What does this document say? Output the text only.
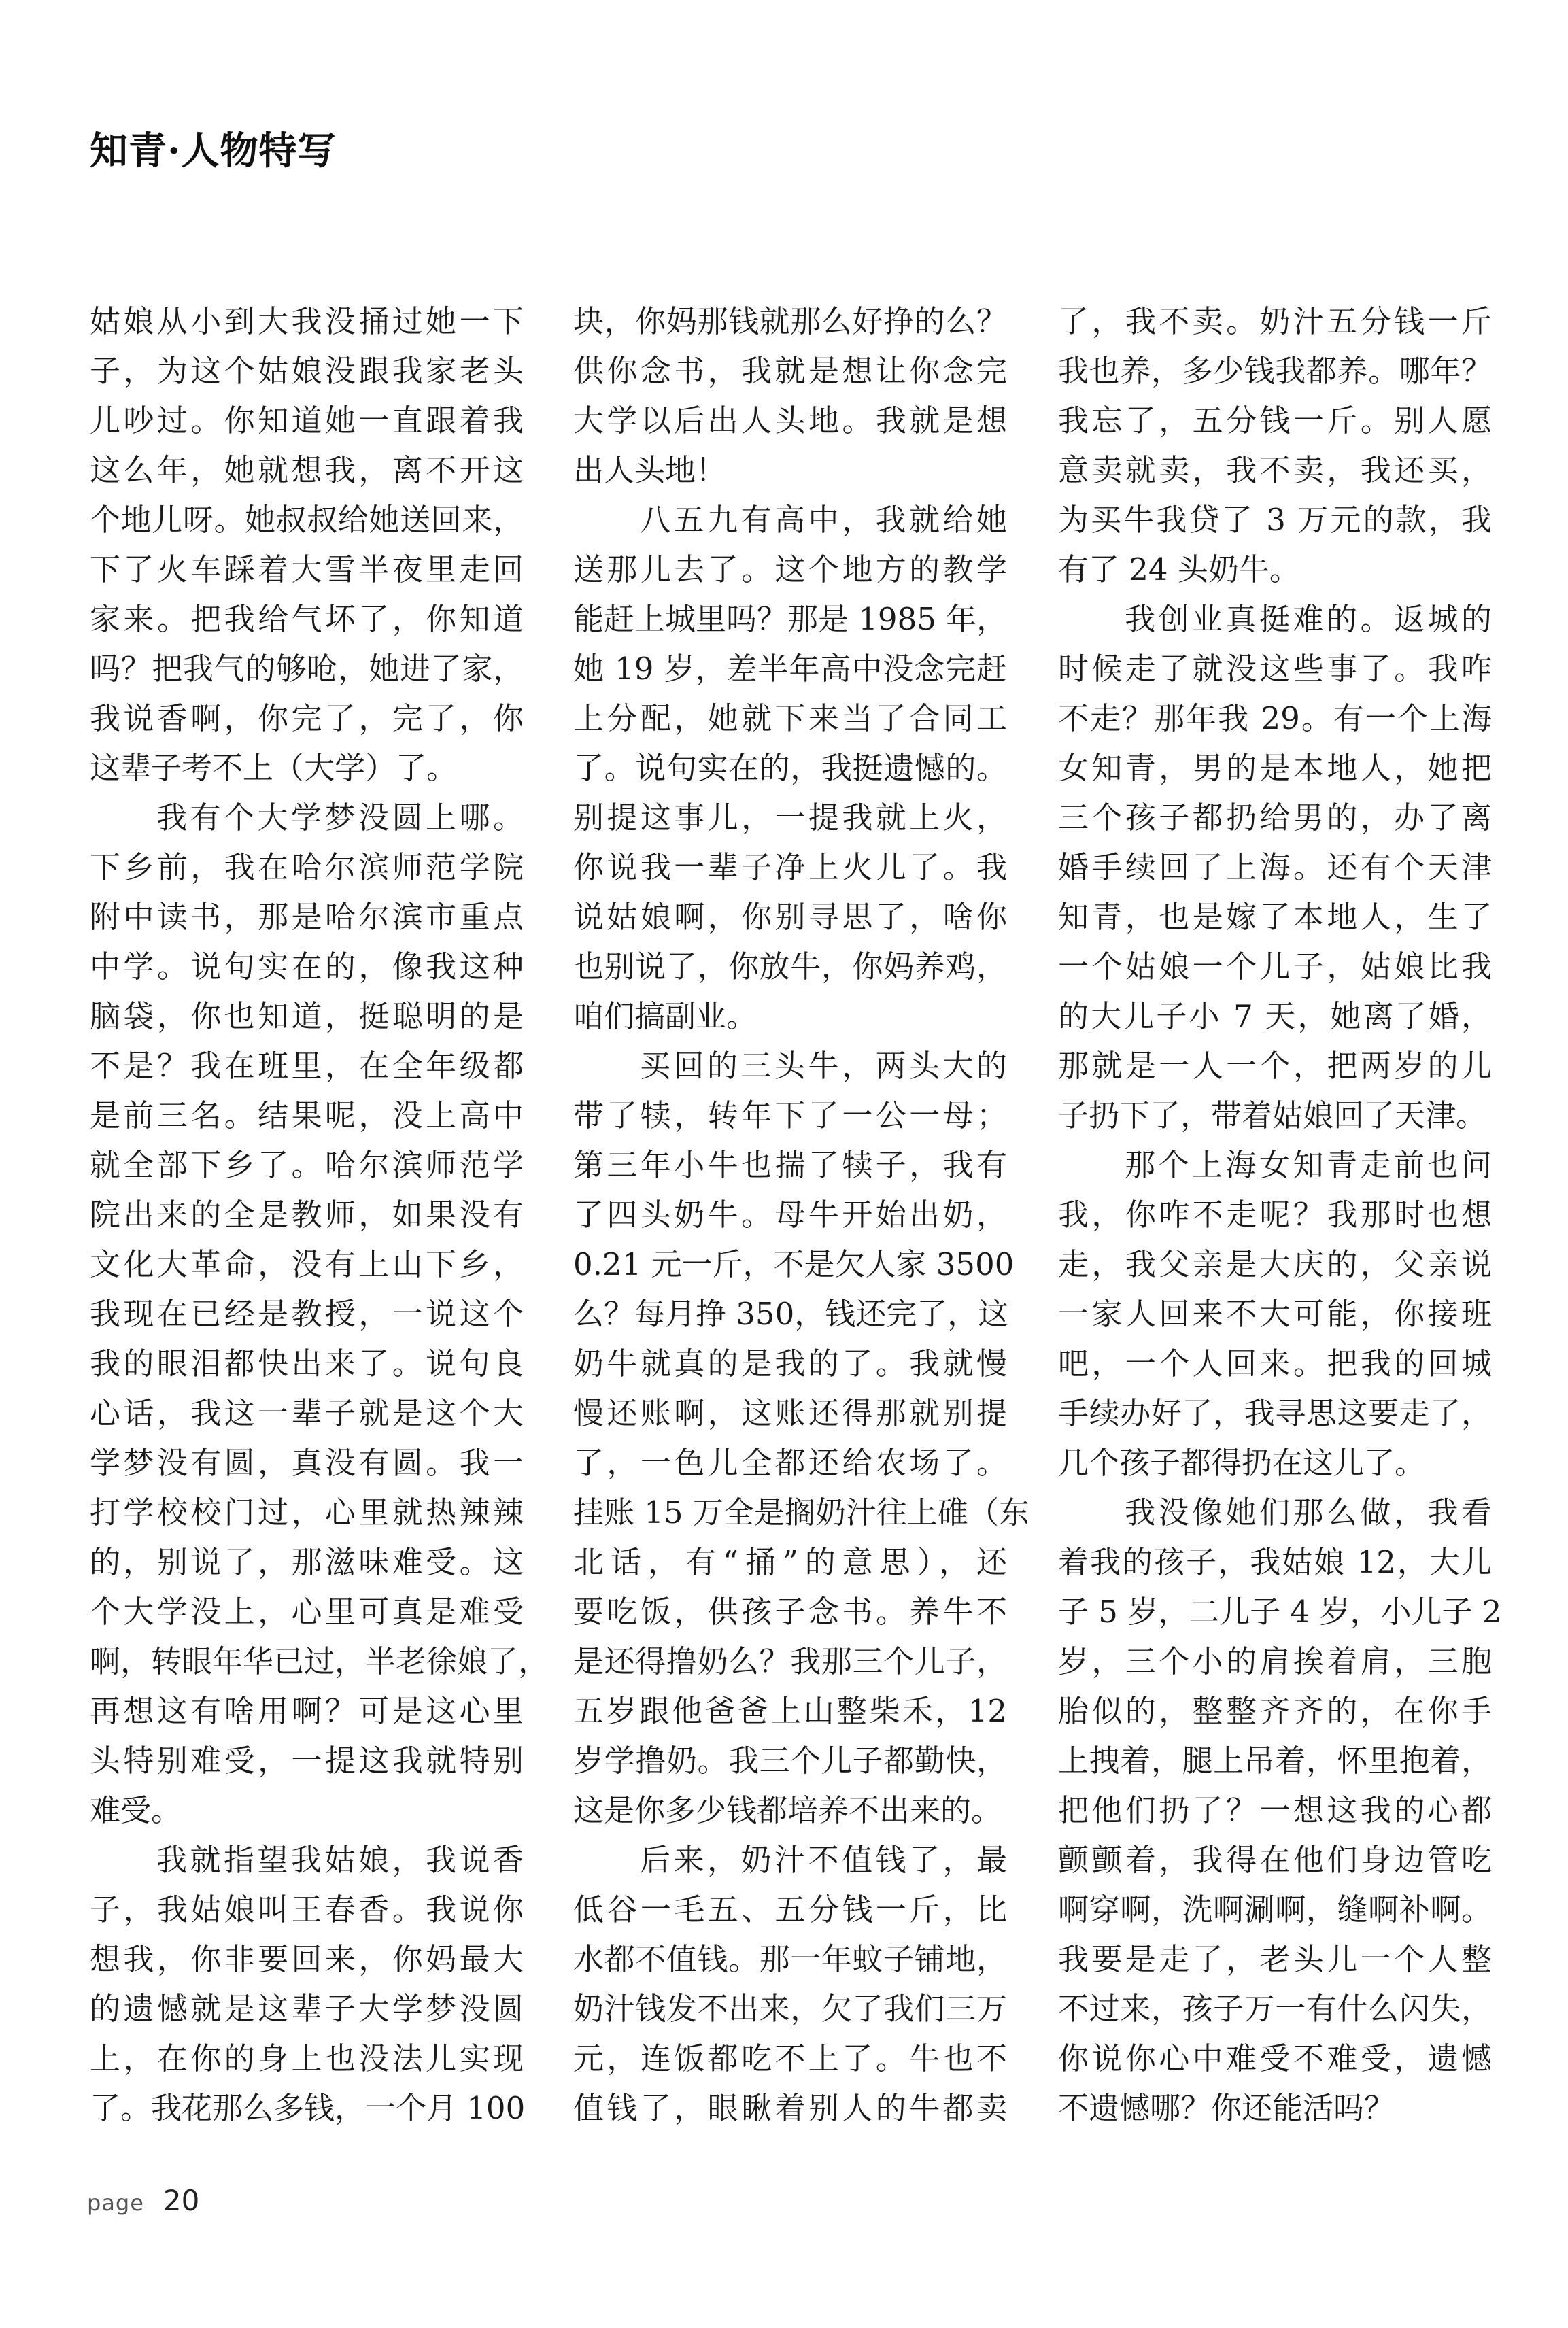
知青·人物特写
姑娘从小到大我没捅过她一下
子，为这个姑娘没跟我家老头
儿吵过。你知道她一直跟着我
这么年，她就想我，离不开这
个地儿呀。她叔叔给她送回来，
下了火车踩着大雪半夜里走回
家来。把我给气坏了，你知道
吗？把我气的够呛，她进了家，
我说香啊，你完了，完了，你
这辈子考不上（大学）了。
我有个大学梦没圆上哪。
下乡前，我在哈尔滨师范学院
附中读书，那是哈尔滨市重点
中学。说句实在的，像我这种
脑袋，你也知道，挺聪明的是
不是？我在班里，在全年级都
是前三名。结果呢，没上高中
就全部下乡了。哈尔滨师范学
院出来的全是教师，如果没有
文化大革命，没有上山下乡，
我现在已经是教授，一说这个
我的眼泪都快出来了。说句良
心话，我这一辈子就是这个大
学梦没有圆，真没有圆。我一
打学校校门过，心里就热辣辣
的，别说了，那滋味难受。这
个大学没上，心里可真是难受
啊，转眼年华已过，半老徐娘了，
再想这有啥用啊？可是这心里
头特别难受，一提这我就特别
难受。
我就指望我姑娘，我说香
子，我姑娘叫王春香。我说你
想我，你非要回来，你妈最大
的遗憾就是这辈子大学梦没圆
上，在你的身上也没法儿实现
了。我花那么多钱，一个月 100
块，你妈那钱就那么好挣的么？
供你念书，我就是想让你念完
大学以后出人头地。我就是想
出人头地！
八五九有高中，我就给她
送那儿去了。这个地方的教学
能赶上城里吗？那是 1985 年，
她 19 岁，差半年高中没念完赶
上分配，她就下来当了合同工
了。说句实在的，我挺遗憾的。
别提这事儿，一提我就上火，
你说我一辈子净上火儿了。我
说姑娘啊，你别寻思了，啥你
也别说了，你放牛，你妈养鸡，
咱们搞副业。
买回的三头牛，两头大的
带了犊，转年下了一公一母；
第三年小牛也揣了犊子，我有
了四头奶牛。母牛开始出奶，
0.21 元一斤，不是欠人家 3500
么？每月挣 350，钱还完了，这
奶牛就真的是我的了。我就慢
慢还账啊，这账还得那就别提
了，一色儿全都还给农场了。
挂账 15 万全是搁奶汁往上碓（东
北话，有“捅”的意思），还
要吃饭，供孩子念书。养牛不
是还得撸奶么？我那三个儿子，
五岁跟他爸爸上山整柴禾，12
岁学撸奶。我三个儿子都勤快，
这是你多少钱都培养不出来的。
后来，奶汁不值钱了，最
低谷一毛五、五分钱一斤，比
水都不值钱。那一年蚊子铺地，
奶汁钱发不出来，欠了我们三万
元，连饭都吃不上了。牛也不
值钱了，眼瞅着别人的牛都卖
了，我不卖。奶汁五分钱一斤
我也养，多少钱我都养。哪年？
我忘了，五分钱一斤。别人愿
意卖就卖，我不卖，我还买，
为买牛我贷了 3 万元的款，我
有了 24 头奶牛。
我创业真挺难的。返城的
时候走了就没这些事了。我咋
不走？那年我 29。有一个上海
女知青，男的是本地人，她把
三个孩子都扔给男的，办了离
婚手续回了上海。还有个天津
知青，也是嫁了本地人，生了
一个姑娘一个儿子，姑娘比我
的大儿子小 7 天，她离了婚，
那就是一人一个，把两岁的儿
子扔下了，带着姑娘回了天津。
那个上海女知青走前也问
我，你咋不走呢？我那时也想
走，我父亲是大庆的，父亲说
一家人回来不大可能，你接班
吧，一个人回来。把我的回城
手续办好了，我寻思这要走了，
几个孩子都得扔在这儿了。
我没像她们那么做，我看
着我的孩子，我姑娘 12，大儿
子 5 岁，二儿子 4 岁，小儿子 2
岁，三个小的肩挨着肩，三胞
胎似的，整整齐齐的，在你手
上拽着，腿上吊着，怀里抱着，
把他们扔了？一想这我的心都
颤颤着，我得在他们身边管吃
啊穿啊，洗啊涮啊，缝啊补啊。
我要是走了，老头儿一个人整
不过来，孩子万一有什么闪失，
你说你心中难受不难受，遗憾
不遗憾哪？你还能活吗？
page 20
